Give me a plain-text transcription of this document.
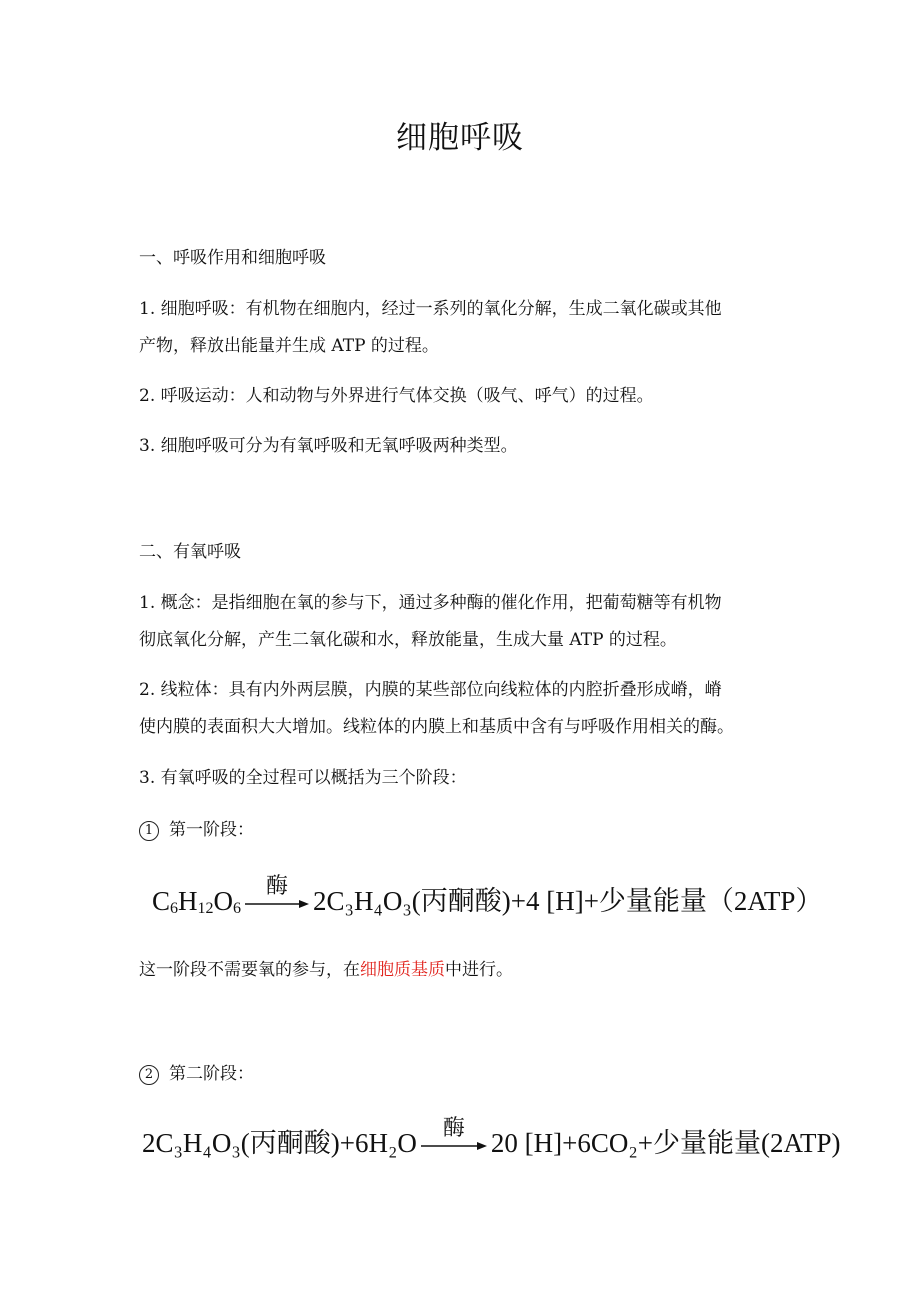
细胞呼吸
一、呼吸作用和细胞呼吸
1. 细胞呼吸：有机物在细胞内，经过一系列的氧化分解，生成二氧化碳或其他
产物，释放出能量并生成 ATP 的过程。
2. 呼吸运动：人和动物与外界进行气体交换（吸气、呼气）的过程。
3. 细胞呼吸可分为有氧呼吸和无氧呼吸两种类型。
二、有氧呼吸
1. 概念：是指细胞在氧的参与下，通过多种酶的催化作用，把葡萄糖等有机物
彻底氧化分解，产生二氧化碳和水，释放能量，生成大量 ATP 的过程。
2. 线粒体：具有内外两层膜，内膜的某些部位向线粒体的内腔折叠形成嵴，嵴
使内膜的表面积大大增加。线粒体的内膜上和基质中含有与呼吸作用相关的酶。
3. 有氧呼吸的全过程可以概括为三个阶段：
1 第一阶段：
$C_6H_{12}O_6$
酶
2C₃H₄O₃(丙酮酸)+4 [H]+少量能量（2ATP）
这一阶段不需要氧的参与，在细胞质基质中进行。
2 第二阶段：
2C₃H₄O₃(丙酮酸)+6H₂O
酶
20 [H]+6CO₂+少量能量(2ATP)
